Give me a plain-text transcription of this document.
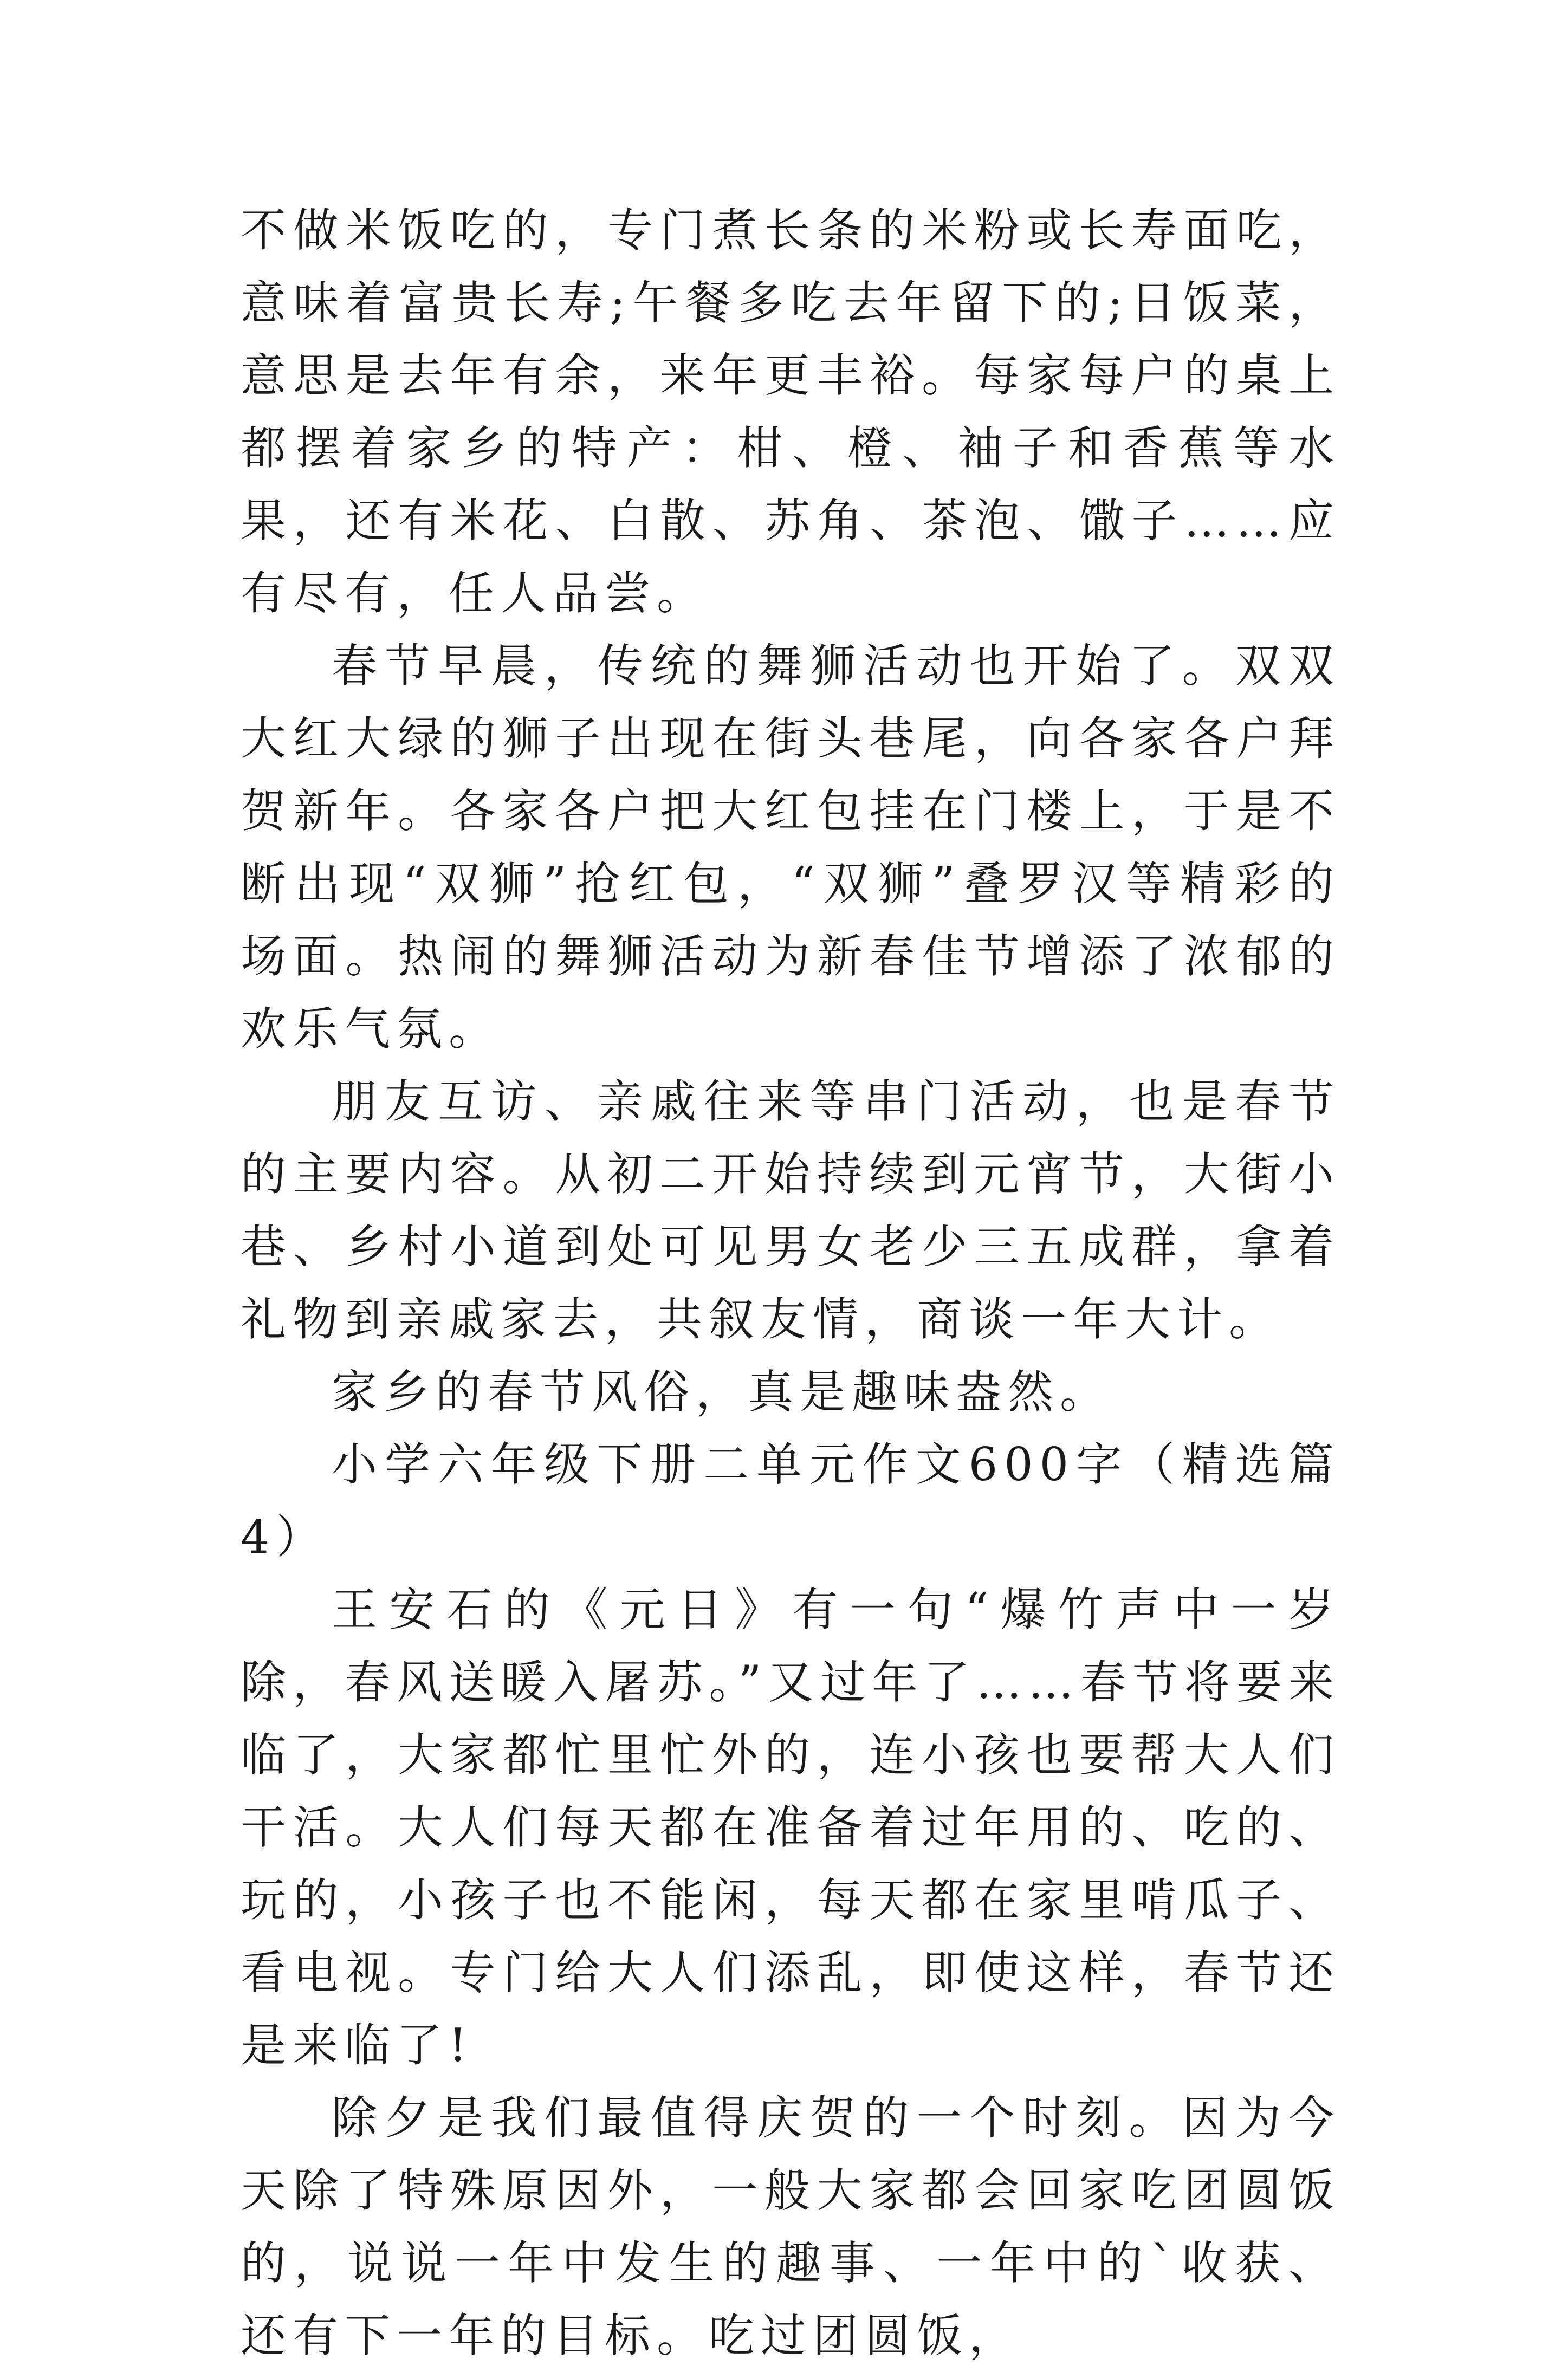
不做米饭吃的，专门煮长条的米粉或长寿面吃，意味着富贵长寿;午餐多吃去年留下的;日饭菜，意思是去年有余，来年更丰裕。每家每户的桌上都摆着家乡的特产：柑、橙、袖子和香蕉等水果，还有米花、白散、苏角、茶泡、馓子……应有尽有，任人品尝。

春节早晨，传统的舞狮活动也开始了。双双大红大绿的狮子出现在街头巷尾，向各家各户拜贺新年。各家各户把大红包挂在门楼上，于是不断出现“双狮”抢红包，“双狮”叠罗汉等精彩的场面。热闹的舞狮活动为新春佳节增添了浓郁的欢乐气氛。

朋友互访、亲戚往来等串门活动，也是春节的主要内容。从初二开始持续到元宵节，大街小巷、乡村小道到处可见男女老少三五成群，拿着礼物到亲戚家去，共叙友情，商谈一年大计。

家乡的春节风俗，真是趣味盎然。

小学六年级下册二单元作文600字（精选篇4）

王安石的《元日》有一句“爆竹声中一岁除，春风送暖入屠苏。”又过年了……春节将要来临了，大家都忙里忙外的，连小孩也要帮大人们干活。大人们每天都在准备着过年用的、吃的、玩的，小孩子也不能闲，每天都在家里啃瓜子、看电视。专门给大人们添乱，即使这样，春节还是来临了!

除夕是我们最值得庆贺的一个时刻。因为今天除了特殊原因外，一般大家都会回家吃团圆饭的，说说一年中发生的趣事、一年中的`收获、还有下一年的目标。吃过团圆饭，
